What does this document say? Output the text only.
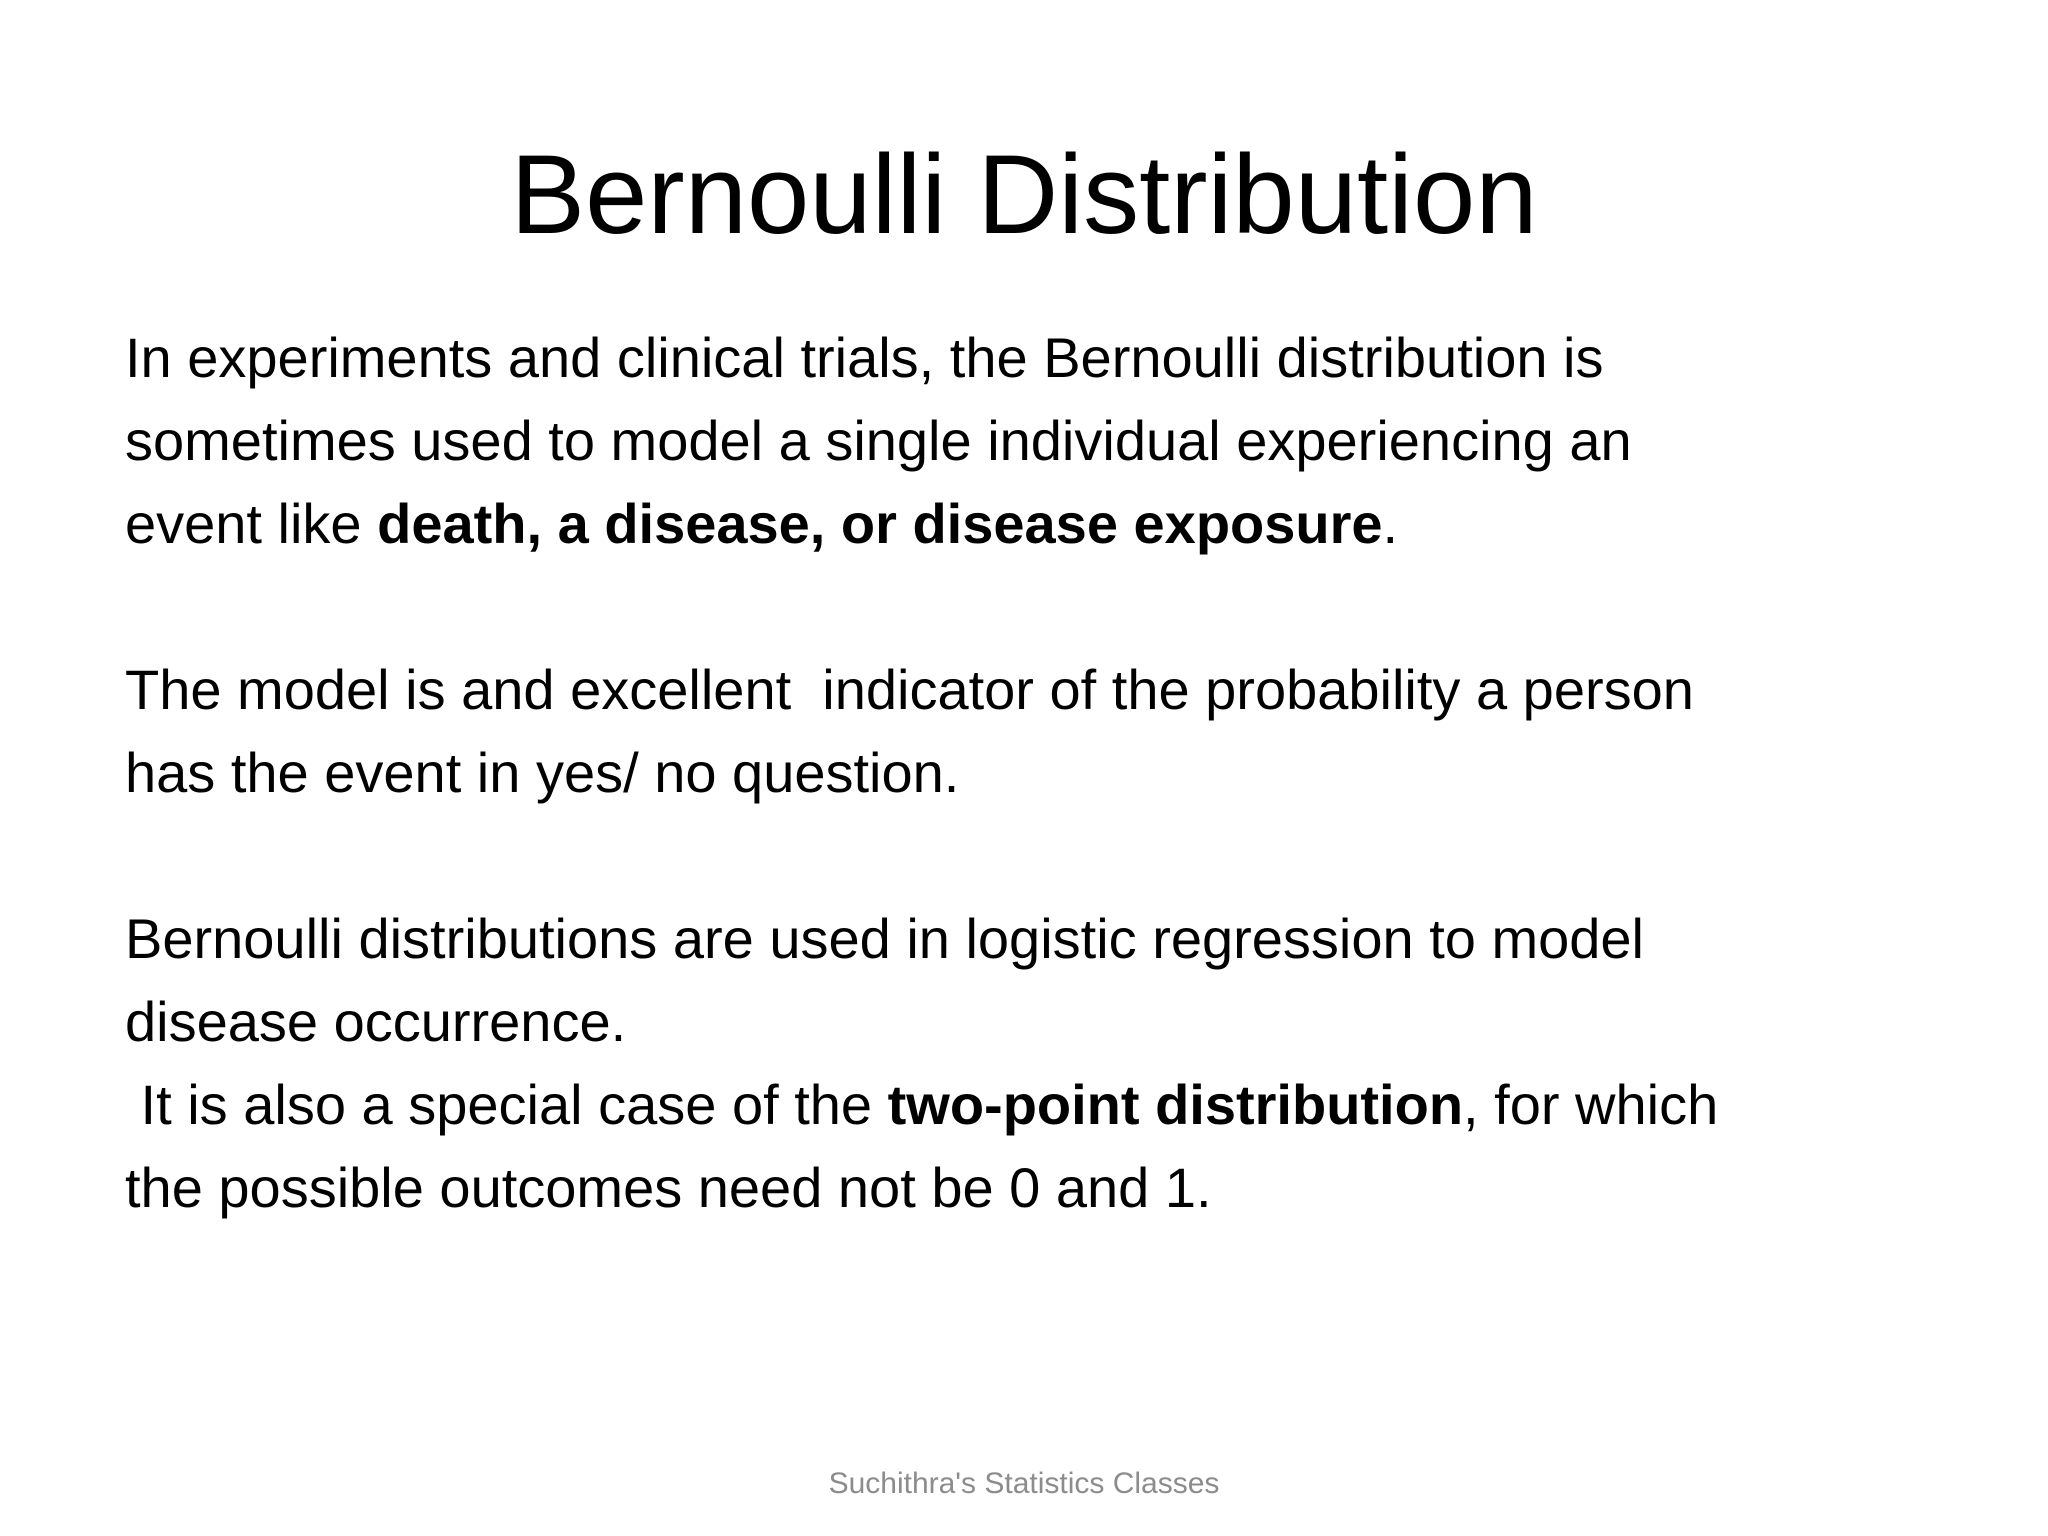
Bernoulli Distribution
In experiments and clinical trials, the Bernoulli distribution is
sometimes used to model a single individual experiencing an
event like death, a disease, or disease exposure.
The model is and excellent  indicator of the probability a person
has the event in yes/ no question.
Bernoulli distributions are used in logistic regression to model
disease occurrence.
It is also a special case of the two-point distribution, for which
the possible outcomes need not be 0 and 1.
Suchithra's Statistics Classes
